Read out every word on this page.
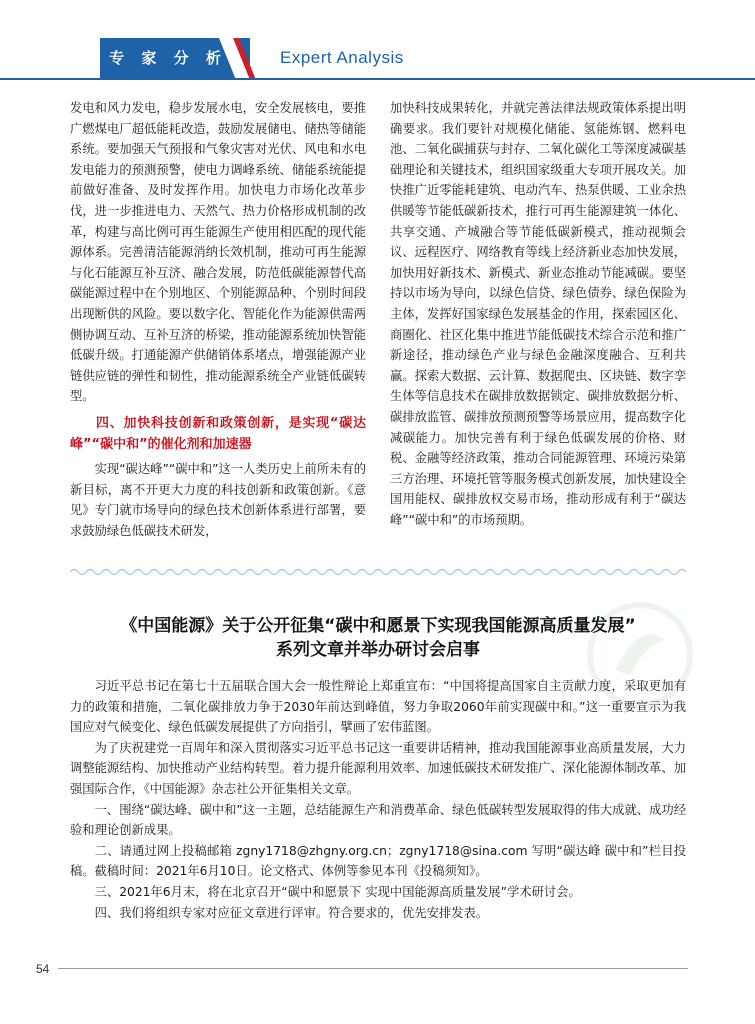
专 家 分 析	Expert Analysis

发电和风力发电，稳步发展水电，安全发展核电，要推广燃煤电厂超低能耗改造，鼓励发展储电、储热等储能系统。要加强天气预报和气象灾害对光伏、风电和水电发电能力的预测预警，使电力调峰系统、储能系统能提前做好准备、及时发挥作用。加快电力市场化改革步伐，进一步推进电力、天然气、热力价格形成机制的改革，构建与高比例可再生能源生产使用相匹配的现代能源体系。完善清洁能源消纳长效机制，推动可再生能源与化石能源互补互济、融合发展，防范低碳能源替代高碳能源过程中在个别地区、个别能源品种、个别时间段出现断供的风险。要以数字化、智能化作为能源供需两侧协调互动、互补互济的桥梁，推动能源系统加快智能低碳升级。打通能源产供储销体系堵点，增强能源产业链供应链的弹性和韧性，推动能源系统全产业链低碳转型。

四、加快科技创新和政策创新，是实现“碳达峰”“碳中和”的催化剂和加速器

实现“碳达峰”“碳中和”这一人类历史上前所未有的新目标，离不开更大力度的科技创新和政策创新。《意见》专门就市场导向的绿色技术创新体系进行部署，要求鼓励绿色低碳技术研发，

加快科技成果转化，并就完善法律法规政策体系提出明确要求。我们要针对规模化储能、氢能炼钢、燃料电池、二氧化碳捕获与封存、二氧化碳化工等深度减碳基础理论和关键技术，组织国家级重大专项开展攻关。加快推广近零能耗建筑、电动汽车、热泵供暖、工业余热供暖等节能低碳新技术，推行可再生能源建筑一体化、共享交通、产城融合等节能低碳新模式，推动视频会议、远程医疗、网络教育等线上经济新业态加快发展，加快用好新技术、新模式、新业态推动节能减碳。要坚持以市场为导向，以绿色信贷、绿色债券、绿色保险为主体，发挥好国家绿色发展基金的作用，探索园区化、商圈化、社区化集中推进节能低碳技术综合示范和推广新途径，推动绿色产业与绿色金融深度融合、互利共赢。探索大数据、云计算、数据爬虫、区块链、数字孪生体等信息技术在碳排放数据锁定、碳排放数据分析、碳排放监管、碳排放预测预警等场景应用，提高数字化减碳能力。加快完善有利于绿色低碳发展的价格、财税、金融等经济政策，推动合同能源管理、环境污染第三方治理、环境托管等服务模式创新发展，加快建设全国用能权、碳排放权交易市场，推动形成有利于“碳达峰”“碳中和”的市场预期。

《中国能源》关于公开征集“碳中和愿景下实现我国能源高质量发展”
系列文章并举办研讨会启事

习近平总书记在第七十五届联合国大会一般性辩论上郑重宣布：“中国将提高国家自主贡献力度，采取更加有力的政策和措施，二氧化碳排放力争于2030年前达到峰值，努力争取2060年前实现碳中和。”这一重要宣示为我国应对气候变化、绿色低碳发展提供了方向指引，擘画了宏伟蓝图。

为了庆祝建党一百周年和深入贯彻落实习近平总书记这一重要讲话精神，推动我国能源事业高质量发展，大力调整能源结构、加快推动产业结构转型。着力提升能源利用效率、加速低碳技术研发推广、深化能源体制改革、加强国际合作，《中国能源》杂志社公开征集相关文章。

一、围绕“碳达峰、碳中和”这一主题，总结能源生产和消费革命、绿色低碳转型发展取得的伟大成就、成功经验和理论创新成果。

二、请通过网上投稿邮箱 zgny1718@zhgny.org.cn；zgny1718@sina.com 写明“碳达峰 碳中和”栏目投稿。截稿时间：2021年6月10日。论文格式、体例等参见本刊《投稿须知》。

三、2021年6月末，将在北京召开“碳中和愿景下 实现中国能源高质量发展”学术研讨会。

四、我们将组织专家对应征文章进行评审。符合要求的，优先安排发表。

54
